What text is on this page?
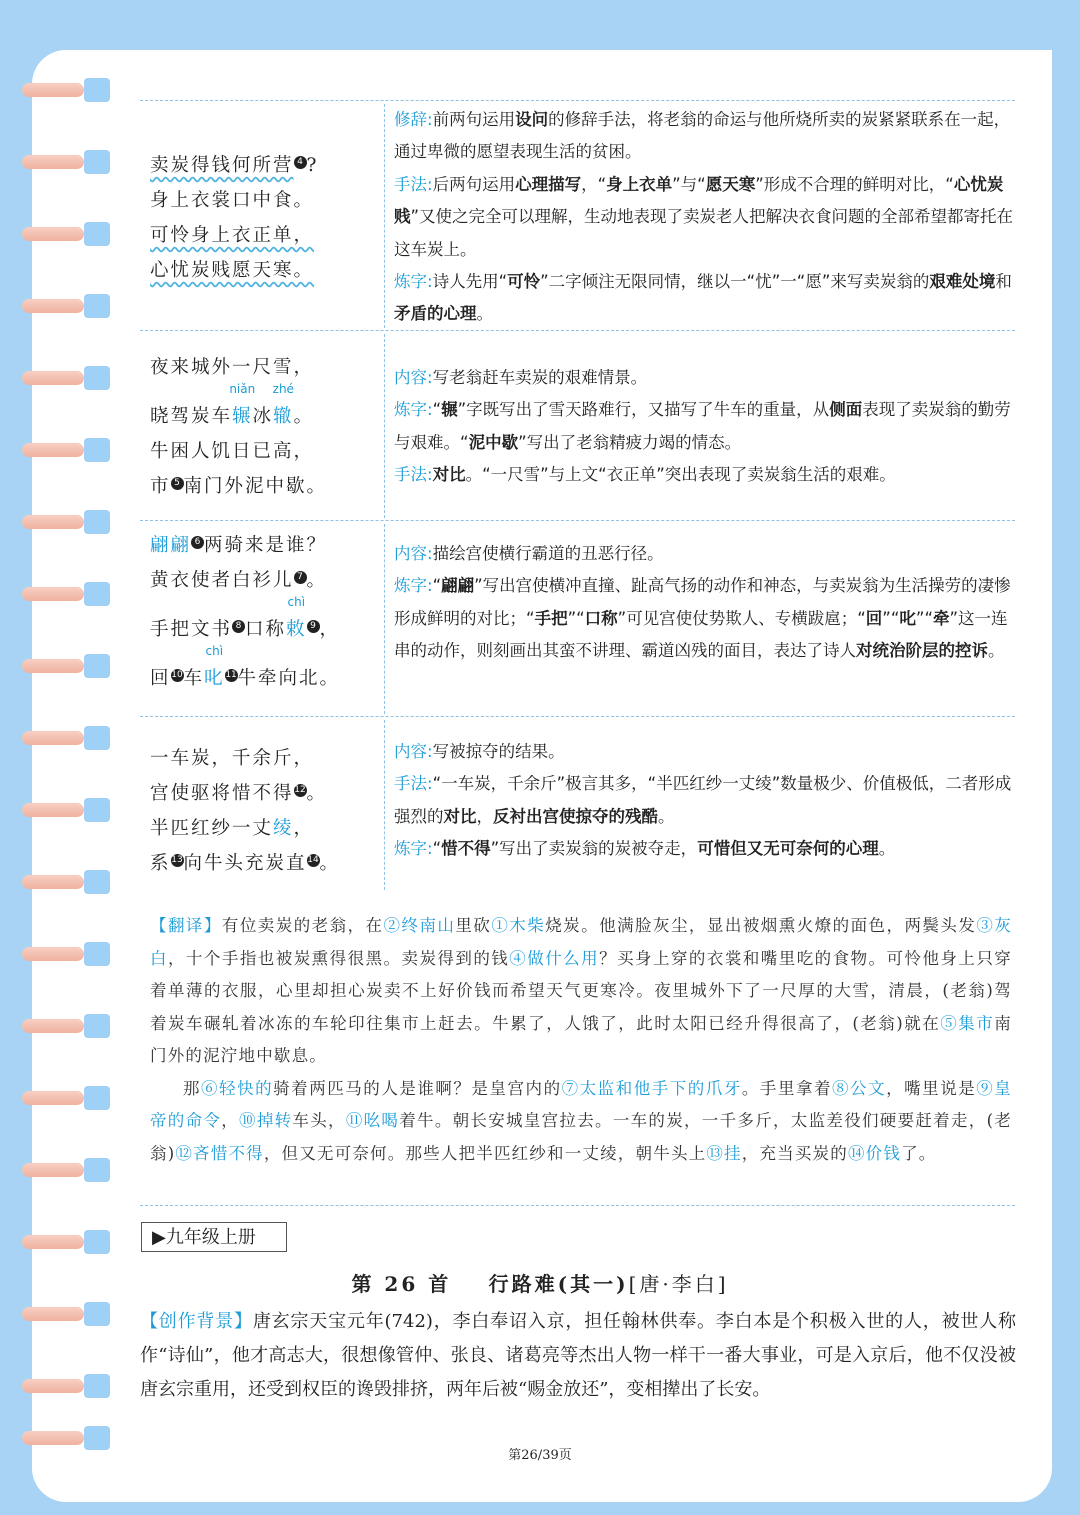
卖炭得钱何所营 4 ?
身上衣裳口中食。
可怜身上衣正单，
心忧炭贱愿天寒。

修辞:前两句运用设问的修辞手法，将老翁的命运与他所烧所卖的炭紧紧联系在一起，通过卑微的愿望表现生活的贫困。

手法:后两句运用心理描写，“身上衣单”与“愿天寒”形成不合理的鲜明对比，“心忧炭贱”又使之完全可以理解，生动地表现了卖炭老人把解决衣食问题的全部希望都寄托在这车炭上。

炼字:诗人先用“可怜”二字倾注无限同情，继以一“忧”一“愿”来写卖炭翁的艰难处境和矛盾的心理。

夜来城外一尺雪，
晓驾炭车
niǎn
辗冰
zhé
辙。
牛困人饥日已高，
市 5 南门外泥中歇。

内容:写老翁赶车卖炭的艰难情景。

炼字:“辗”字既写出了雪天路难行，又描写了牛车的重量，从侧面表现了卖炭翁的勤劳与艰难。“泥中歇”写出了老翁精疲力竭的情态。

手法:对比。“一尺雪”与上文“衣正单”突出表现了卖炭翁生活的艰难。

翩翩 6 两骑来是谁？
黄衣使者白衫儿 7 。
手把文书 8 口称
chì
敕 9 ，
回10车
chì
叱11牛牵向北。

内容:描绘宫使横行霸道的丑恶行径。

炼字:“翩翩”写出宫使横冲直撞、趾高气扬的动作和神态，与卖炭翁为生活操劳的凄惨形成鲜明的对比；“手把”“口称”可见宫使仗势欺人、专横跋扈；“回”“叱”“牵”这一连串的动作，则刻画出其蛮不讲理、霸道凶残的面目，表达了诗人对统治阶层的控诉。

一车炭，千余斤，
宫使驱将惜不得12。
半匹红纱一丈绫，
系13向牛头充炭直14。

内容:写被掠夺的结果。

手法:“一车炭，千余斤”极言其多，“半匹红纱一丈绫”数量极少、价值极低，二者形成强烈的对比，反衬出宫使掠夺的残酷。

炼字:“惜不得”写出了卖炭翁的炭被夺走，可惜但又无可奈何的心理。

【翻译】有位卖炭的老翁，在②终南山里砍①木柴烧炭。他满脸灰尘，显出被烟熏火燎的面色，两鬓头发③灰白，十个手指也被炭熏得很黑。卖炭得到的钱④做什么用？买身上穿的衣裳和嘴里吃的食物。可怜他身上只穿着单薄的衣服，心里却担心炭卖不上好价钱而希望天气更寒冷。夜里城外下了一尺厚的大雪，清晨，(老翁)驾着炭车碾轧着冰冻的车轮印往集市上赶去。牛累了，人饿了，此时太阳已经升得很高了，(老翁)就在⑤集市南门外的泥泞地中歇息。

那⑥轻快的骑着两匹马的人是谁啊？是皇宫内的⑦太监和他手下的爪牙。手里拿着⑧公文，嘴里说是⑨皇帝的命令，⑩掉转车头，⑪吆喝着牛。朝长安城皇宫拉去。一车的炭，一千多斤，太监差役们硬要赶着走，(老翁)⑫吝惜不得，但又无可奈何。那些人把半匹红纱和一丈绫，朝牛头上⑬挂，充当买炭的⑭价钱了。

▶九年级上册
第 26 首 行路难(其一)[唐·李白]

【创作背景】唐玄宗天宝元年(742)，李白奉诏入京，担任翰林供奉。李白本是个积极入世的人，被世人称作“诗仙”，他才高志大，很想像管仲、张良、诸葛亮等杰出人物一样干一番大事业，可是入京后，他不仅没被唐玄宗重用，还受到权臣的谗毁排挤，两年后被“赐金放还”，变相撵出了长安。

第26/39页
